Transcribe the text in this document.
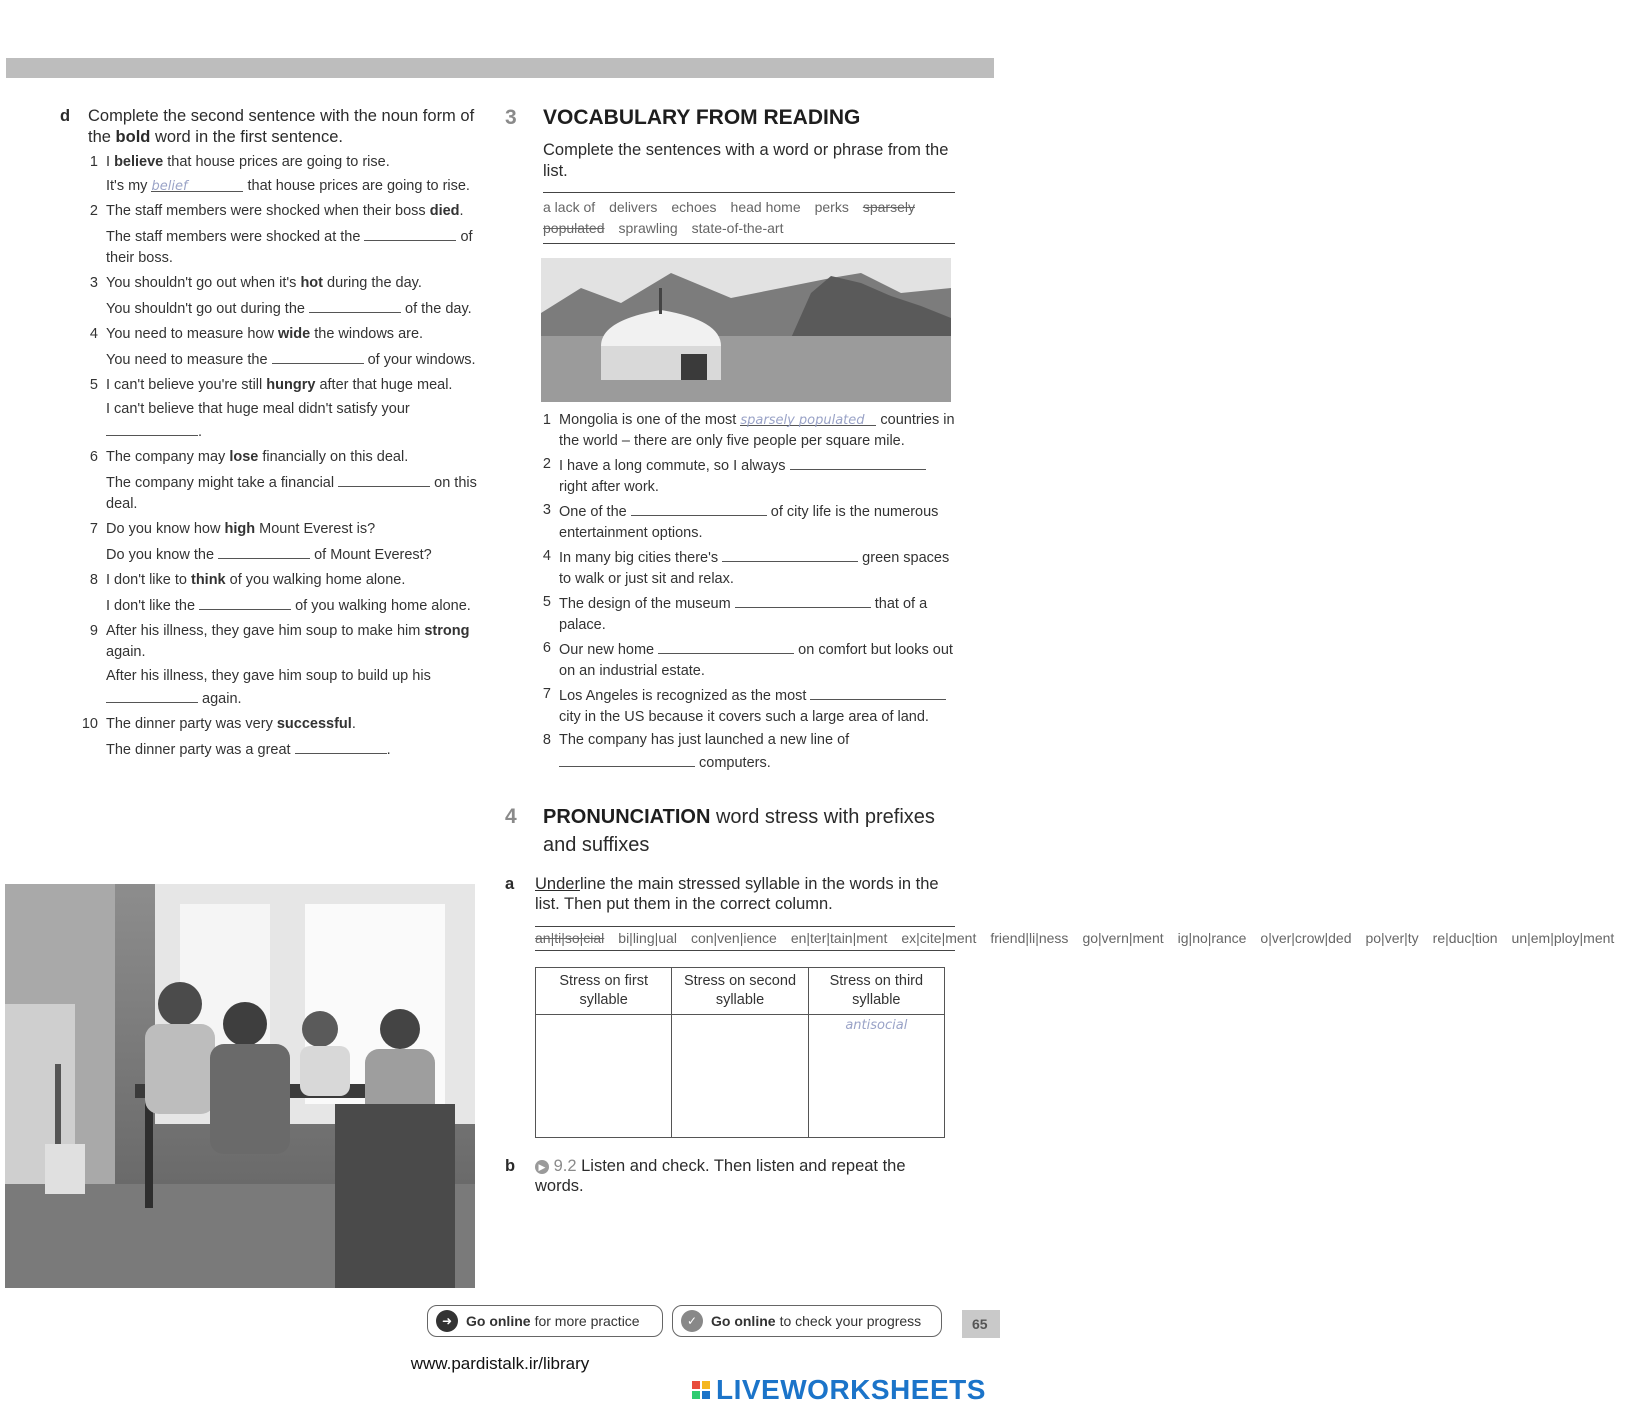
d	Complete the second sentence with the noun form of the bold word in the first sentence.
1 I believe that house prices are going to rise.

It's my belief	that house prices are going to rise.

2 The staff members were shocked when their boss died.

The staff members were shocked at the	of their boss.

3 You shouldn't go out when it's hot during the day.

You shouldn't go out during the	of the day.

4 You need to measure how wide the windows are.

You need to measure the	of your windows.

5 I can't believe you're still hungry after that huge meal.

I can't believe that huge meal didn't satisfy your .

6 The company may lose financially on this deal.

The company might take a financial	on this deal.

7 Do you know how high Mount Everest is?

Do you know the	of Mount Everest?

8 I don't like to think of you walking home alone.

I don't like the	of you walking home alone.

9 After his illness, they gave him soup to make him strong again.

After his illness, they gave him soup to build up his  again.

10 The dinner party was very successful.

The dinner party was a great	.

3	VOCABULARY FROM READING
Complete the sentences with a word or phrase from the list.
a lack of delivers echoes head home perks sparsely populated sprawling state-of-the-art
1 Mongolia is one of the most sparsely populated countries in the world – there are only five people per square mile.
2 I have a long commute, so I always  right after work.
3 One of the	of city life is the numerous entertainment options.
4 In many big cities there's	green spaces to walk or just sit and relax.
5 The design of the museum	that of a palace.
6 Our new home	on comfort but looks out on an industrial estate.
7 Los Angeles is recognized as the most  city in the US because it covers such a large area of land.
8 The company has just launched a new line of  computers.
4	PRONUNCIATION word stress with prefixes and suffixes
a	Underline the main stressed syllable in the words in the list. Then put them in the correct column.
an|ti|so|cial bi|ling|ual con|ven|ience en|ter|tain|ment ex|cite|ment friend|li|ness go|vern|ment ig|no|rance o|ver|crow|ded po|ver|ty re|duc|tion un|em|ploy|ment
Stress on first syllable	Stress on second syllable	Stress on third syllable
		antisocial
b	▶ 9.2 Listen and check. Then listen and repeat the words.
➜ Go online for more practice	✓ Go online to check your progress	65
www.pardistalk.ir/library
LIVEWORKSHEETS
